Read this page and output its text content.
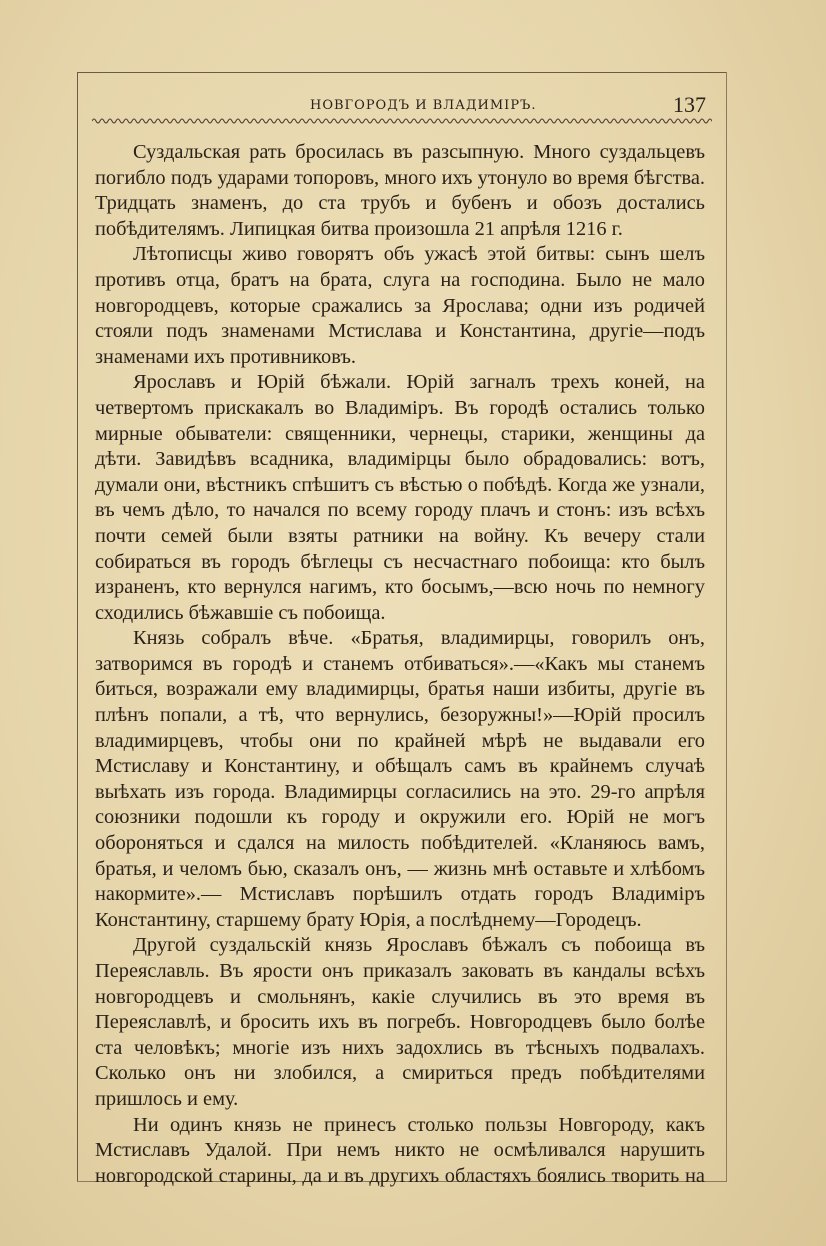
НОВГОРОДЪ И ВЛАДИМІРЪ.	137

Суздальская рать бросилась въ разсыпную. Много суздальцевъ погибло подъ ударами топоровъ, много ихъ утонуло во время бѣгства. Тридцать знаменъ, до ста трубъ и бубенъ и обозъ достались побѣдителямъ. Липицкая битва произошла 21 апрѣля 1216 г.

Лѣтописцы живо говорятъ объ ужасѣ этой битвы: сынъ шелъ противъ отца, братъ на брата, слуга на господина. Было не мало новгородцевъ, которые сражались за Ярослава; одни изъ родичей стояли подъ знаменами Мстислава и Константина, другіе—подъ знаменами ихъ противниковъ.

Ярославъ и Юрій бѣжали. Юрій загналъ трехъ коней, на четвертомъ прискакалъ во Владиміръ. Въ городѣ остались только мирные обыватели: священники, чернецы, старики, женщины да дѣти. Завидѣвъ всадника, владимірцы было обрадовались: вотъ, думали они, вѣстникъ спѣшитъ съ вѣстью о побѣдѣ. Когда же узнали, въ чемъ дѣло, то начался по всему городу плачъ и стонъ: изъ всѣхъ почти семей были взяты ратники на войну. Къ вечеру стали собираться въ городъ бѣглецы съ несчастнаго побоища: кто былъ израненъ, кто вернулся нагимъ, кто босымъ,—всю ночь по немногу сходились бѣжавшіе съ побоища.

Князь собралъ вѣче. «Братья, владимирцы, говорилъ онъ, затворимся въ городѣ и станемъ отбиваться».—«Какъ мы станемъ биться, возражали ему владимирцы, братья наши избиты, другіе въ плѣнъ попали, а тѣ, что вернулись, безоружны!»—Юрій просилъ владимирцевъ, чтобы они по крайней мѣрѣ не выдавали его Мстиславу и Константину, и обѣщалъ самъ въ крайнемъ случаѣ выѣхать изъ города. Владимирцы согласились на это. 29-го апрѣля союзники подошли къ городу и окружили его. Юрій не могъ обороняться и сдался на милость побѣдителей. «Кланяюсь вамъ, братья, и челомъ бью, сказалъ онъ, — жизнь мнѣ оставьте и хлѣбомъ накормите».— Мстиславъ порѣшилъ отдать городъ Владиміръ Константину, старшему брату Юрія, а послѣднему—Городецъ.

Другой суздальскій князь Ярославъ бѣжалъ съ побоища въ Переяславль. Въ ярости онъ приказалъ заковать въ кандалы всѣхъ новгородцевъ и смольнянъ, какіе случились въ это время въ Переяславлѣ, и бросить ихъ въ погребъ. Новгородцевъ было болѣе ста человѣкъ; многіе изъ нихъ задохлись въ тѣсныхъ подвалахъ. Сколько онъ ни злобился, а смириться предъ побѣдителями пришлось и ему.

Ни одинъ князь не принесъ столько пользы Новгороду, какъ Мстиславъ Удалой. При немъ никто не осмѣливался нарушить новгородской старины, да и въ другихъ областяхъ боялись творить на
